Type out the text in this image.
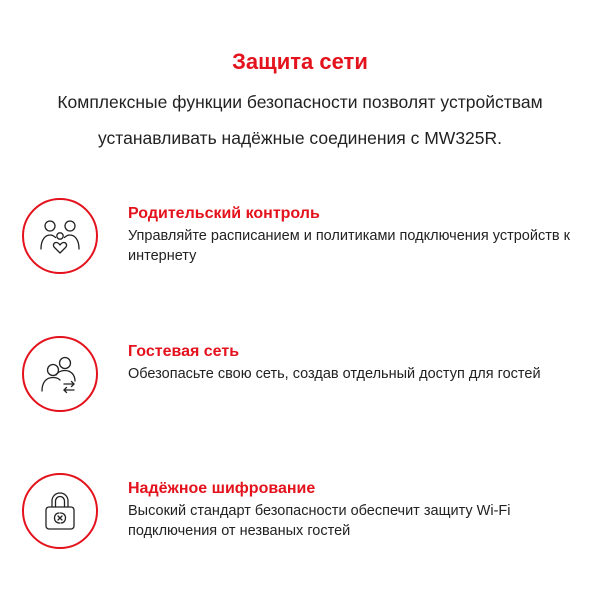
Защита сети

Комплексные функции безопасности позволят устройствам устанавливать надёжные соединения с MW325R.

Родительский контроль

Управляйте расписанием и политиками подключения устройств к интернету

Гостевая сеть

Обезопасьте свою сеть, создав отдельный доступ для гостей

Надёжное шифрование

Высокий стандарт безопасности обеспечит защиту Wi-Fi подключения от незваных гостей
